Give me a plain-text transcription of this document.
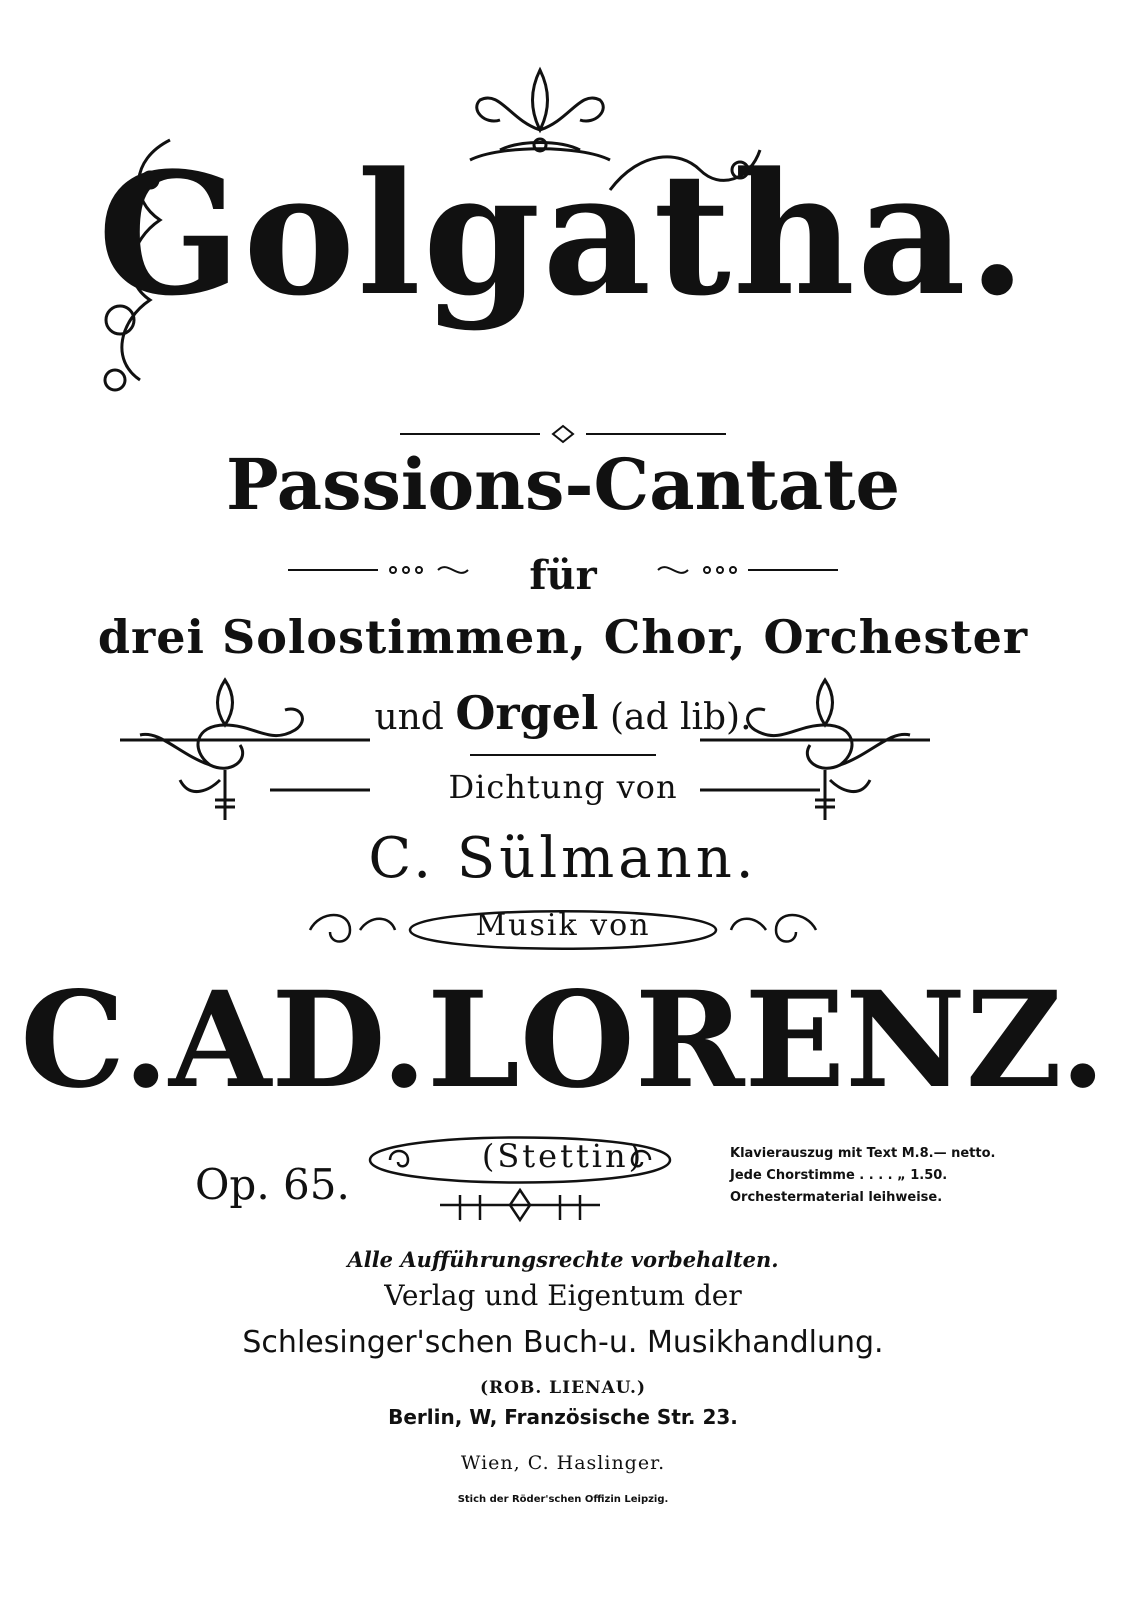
Golgatha.
Passions-Cantate
für
drei Solostimmen, Chor, Orchester
und Orgel (ad lib).
Dichtung von
C. Sülmann.
Musik von
C.AD.LORENZ.
(Stettin)
Op. 65.
Klavierauszug mit Text M.8.— netto.
Jede Chorstimme . . . . „ 1.50.
Orchestermaterial leihweise.
Alle Aufführungsrechte vorbehalten.
Verlag und Eigentum der
Schlesinger'schen Buch-u. Musikhandlung.
(ROB. LIENAU.)
Berlin, W, Französische Str. 23.
Wien, C. Haslinger.
Stich der Röder'schen Offizin Leipzig.
